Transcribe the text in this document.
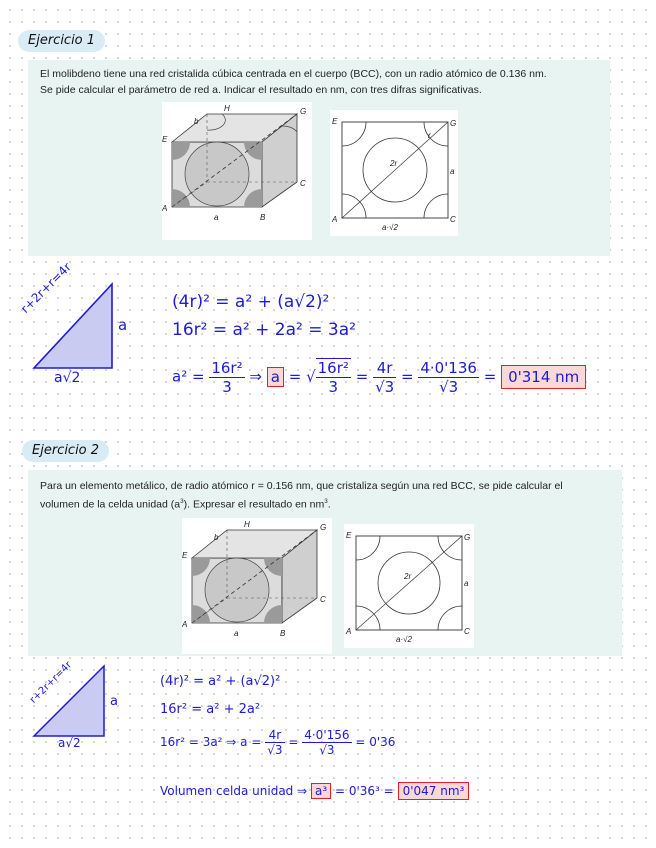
Ejercicio 1
El molibdeno tiene una red cristalida cúbica centrada en el cuerpo (BCC), con un radio atómico de 0.136 nm.
Se pide calcular el parámetro de red a. Indicar el resultado en nm, con tres difras significativas.
A
B
C
E
G
H
a
b	E	G
A	C
a
a·√2
2r
r
r+2r+r=4r
a
a√2
(4r)² = a² + (a√2)²
16r² = a² + 2a² = 3a²
$a^2 = \frac{\text{16r²}}{3}$ ⇒ a = √ $\frac{\text{16r²}}{3} = \frac{4r}{√3} = \frac{4\cdot 0'136}{√3} = 0'314$ nm
Ejercicio 2
Para un elemento metálico, de radio atómico r = 0.156 nm, que cristaliza según una red BCC, se pide calcular el
volumen de la celda unidad $(a^3)$. Expresar el resultado en $nm^3$.
A
B
C
E
G
H
a
b	E	G
A	C
a
a·√2
2r
r+2r+r=4r	a
a√2
(4r)² = a² + (a√2)²
16r² = a² + 2a²
16r² = 3a² ⇒ $a = \frac{4r}{√3} = \frac{4\cdot 0'156}{√3} = 0'36$
Volumen celda unidad ⇒ a³ = 0'36³ = 0'047 nm³
